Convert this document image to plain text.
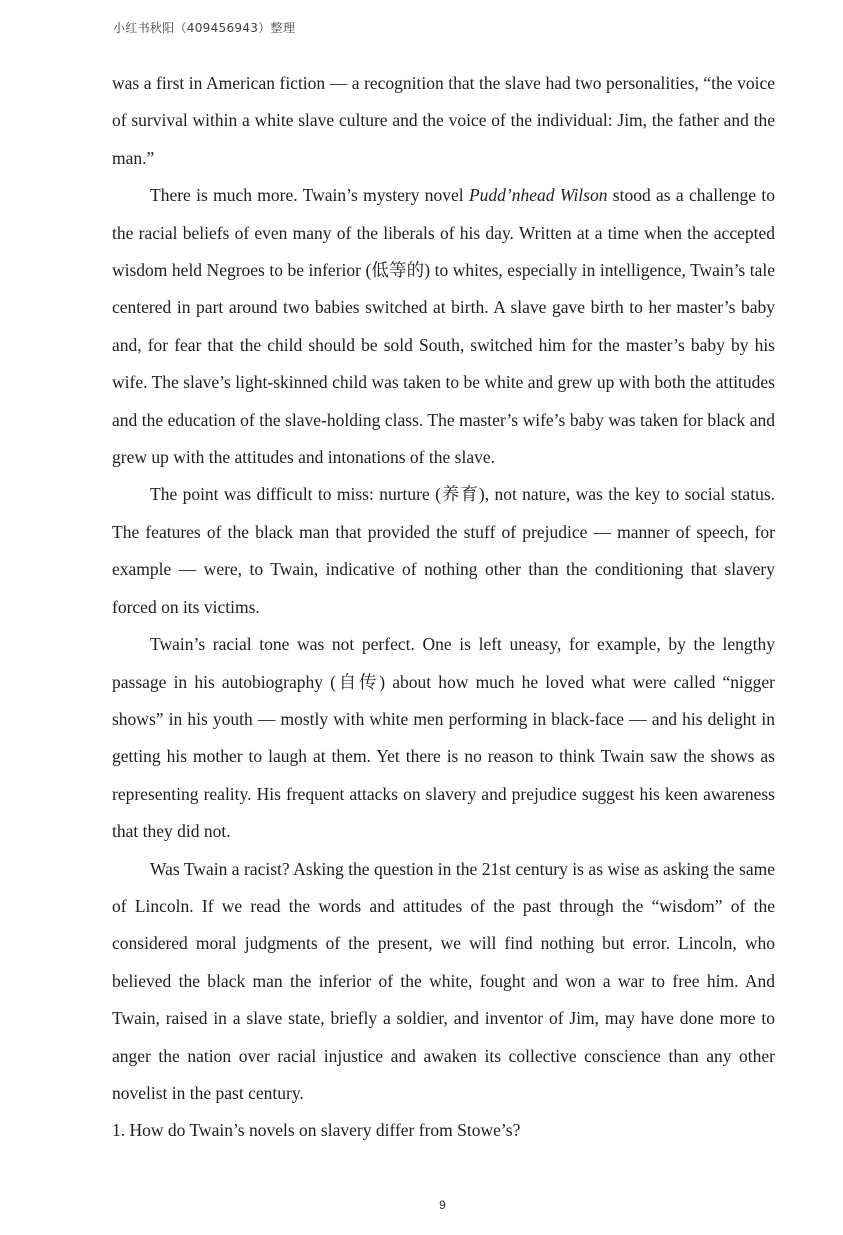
小红书秋阳（409456943）整理

was a first in American fiction — a recognition that the slave had two personalities, “the voice of survival within a white slave culture and the voice of the individual: Jim, the father and the man.”

There is much more. Twain’s mystery novel Pudd’nhead Wilson stood as a challenge to the racial beliefs of even many of the liberals of his day. Written at a time when the accepted wisdom held Negroes to be inferior (低等的) to whites, especially in intelligence, Twain’s tale centered in part around two babies switched at birth. A slave gave birth to her master’s baby and, for fear that the child should be sold South, switched him for the master’s baby by his wife. The slave’s light-skinned child was taken to be white and grew up with both the attitudes and the education of the slave-holding class. The master’s wife’s baby was taken for black and grew up with the attitudes and intonations of the slave.

The point was difficult to miss: nurture (养育), not nature, was the key to social status. The features of the black man that provided the stuff of prejudice — manner of speech, for example — were, to Twain, indicative of nothing other than the conditioning that slavery forced on its victims.

Twain’s racial tone was not perfect. One is left uneasy, for example, by the lengthy passage in his autobiography (自传) about how much he loved what were called “nigger shows” in his youth — mostly with white men performing in black-face — and his delight in getting his mother to laugh at them. Yet there is no reason to think Twain saw the shows as representing reality. His frequent attacks on slavery and prejudice suggest his keen awareness that they did not.

Was Twain a racist? Asking the question in the 21st century is as wise as asking the same of Lincoln. If we read the words and attitudes of the past through the “wisdom” of the considered moral judgments of the present, we will find nothing but error. Lincoln, who believed the black man the inferior of the white, fought and won a war to free him. And Twain, raised in a slave state, briefly a soldier, and inventor of Jim, may have done more to anger the nation over racial injustice and awaken its collective conscience than any other novelist in the past century.

1. How do Twain’s novels on slavery differ from Stowe’s?

9
